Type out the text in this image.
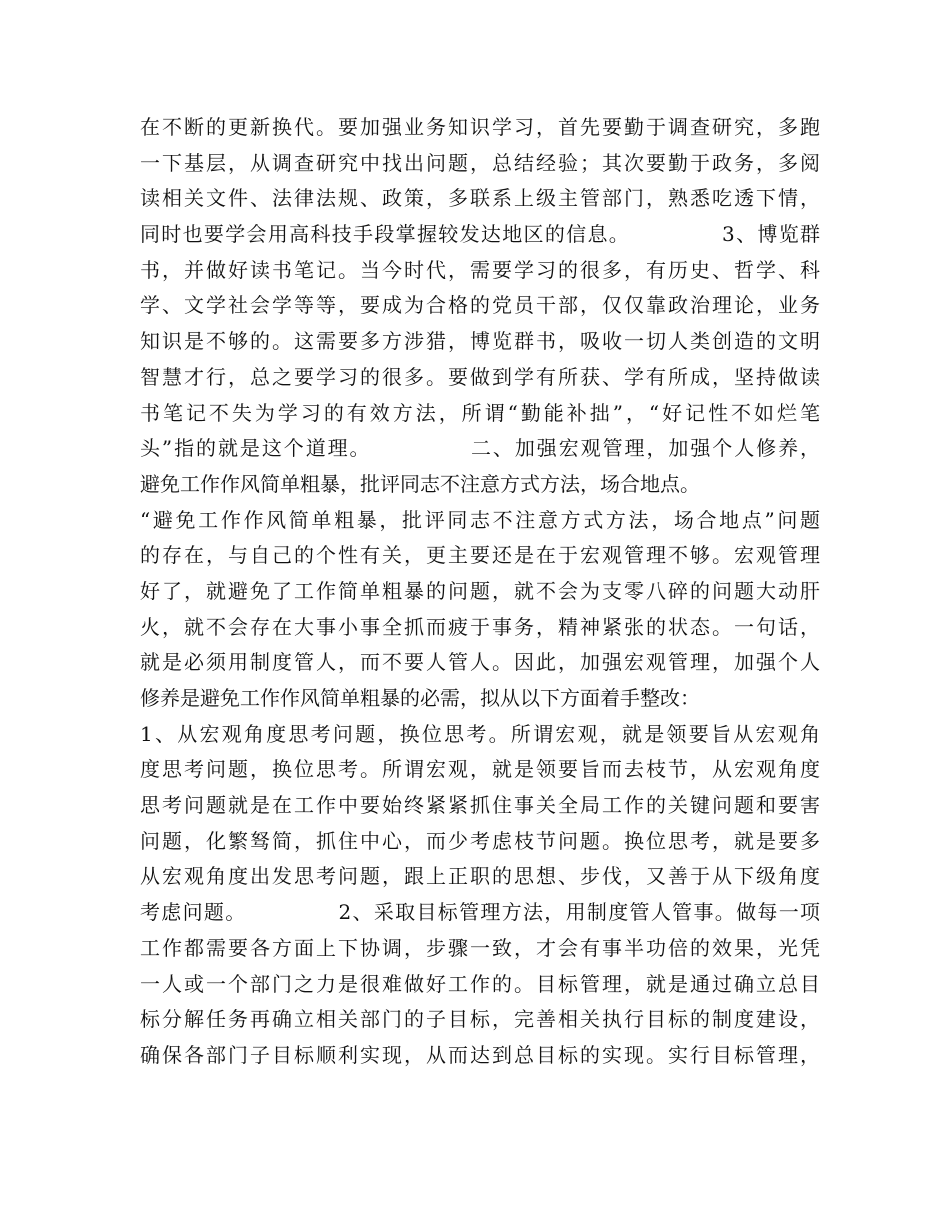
在不断的更新换代。要加强业务知识学习，首先要勤于调查研究，多跑
一下基层，从调查研究中找出问题，总结经验；其次要勤于政务，多阅
读相关文件、法律法规、政策，多联系上级主管部门，熟悉吃透下情，
同时也要学会用高科技手段掌握较发达地区的信息。            3、博览群
书，并做好读书笔记。当今时代，需要学习的很多，有历史、哲学、科
学、文学社会学等等，要成为合格的党员干部，仅仅靠政治理论，业务
知识是不够的。这需要多方涉猎，博览群书，吸收一切人类创造的文明
智慧才行，总之要学习的很多。要做到学有所获、学有所成，坚持做读
书笔记不失为学习的有效方法，所谓“勤能补拙”，“好记性不如烂笔
头”指的就是这个道理。            二、加强宏观管理，加强个人修养，
避免工作作风简单粗暴，批评同志不注意方式方法，场合地点。
“避免工作作风简单粗暴，批评同志不注意方式方法，场合地点”问题
的存在，与自己的个性有关，更主要还是在于宏观管理不够。宏观管理
好了，就避免了工作简单粗暴的问题，就不会为支零八碎的问题大动肝
火，就不会存在大事小事全抓而疲于事务，精神紧张的状态。一句话，
就是必须用制度管人，而不要人管人。因此，加强宏观管理，加强个人
修养是避免工作作风简单粗暴的必需，拟从以下方面着手整改：
1、从宏观角度思考问题，换位思考。所谓宏观，就是领要旨从宏观角
度思考问题，换位思考。所谓宏观，就是领要旨而去枝节，从宏观角度
思考问题就是在工作中要始终紧紧抓住事关全局工作的关键问题和要害
问题，化繁驽简，抓住中心，而少考虑枝节问题。换位思考，就是要多
从宏观角度出发思考问题，跟上正职的思想、步伐，又善于从下级角度
考虑问题。            2、采取目标管理方法，用制度管人管事。做每一项
工作都需要各方面上下协调，步骤一致，才会有事半功倍的效果，光凭
一人或一个部门之力是很难做好工作的。目标管理，就是通过确立总目
标分解任务再确立相关部门的子目标，完善相关执行目标的制度建设，
确保各部门子目标顺利实现，从而达到总目标的实现。实行目标管理，
